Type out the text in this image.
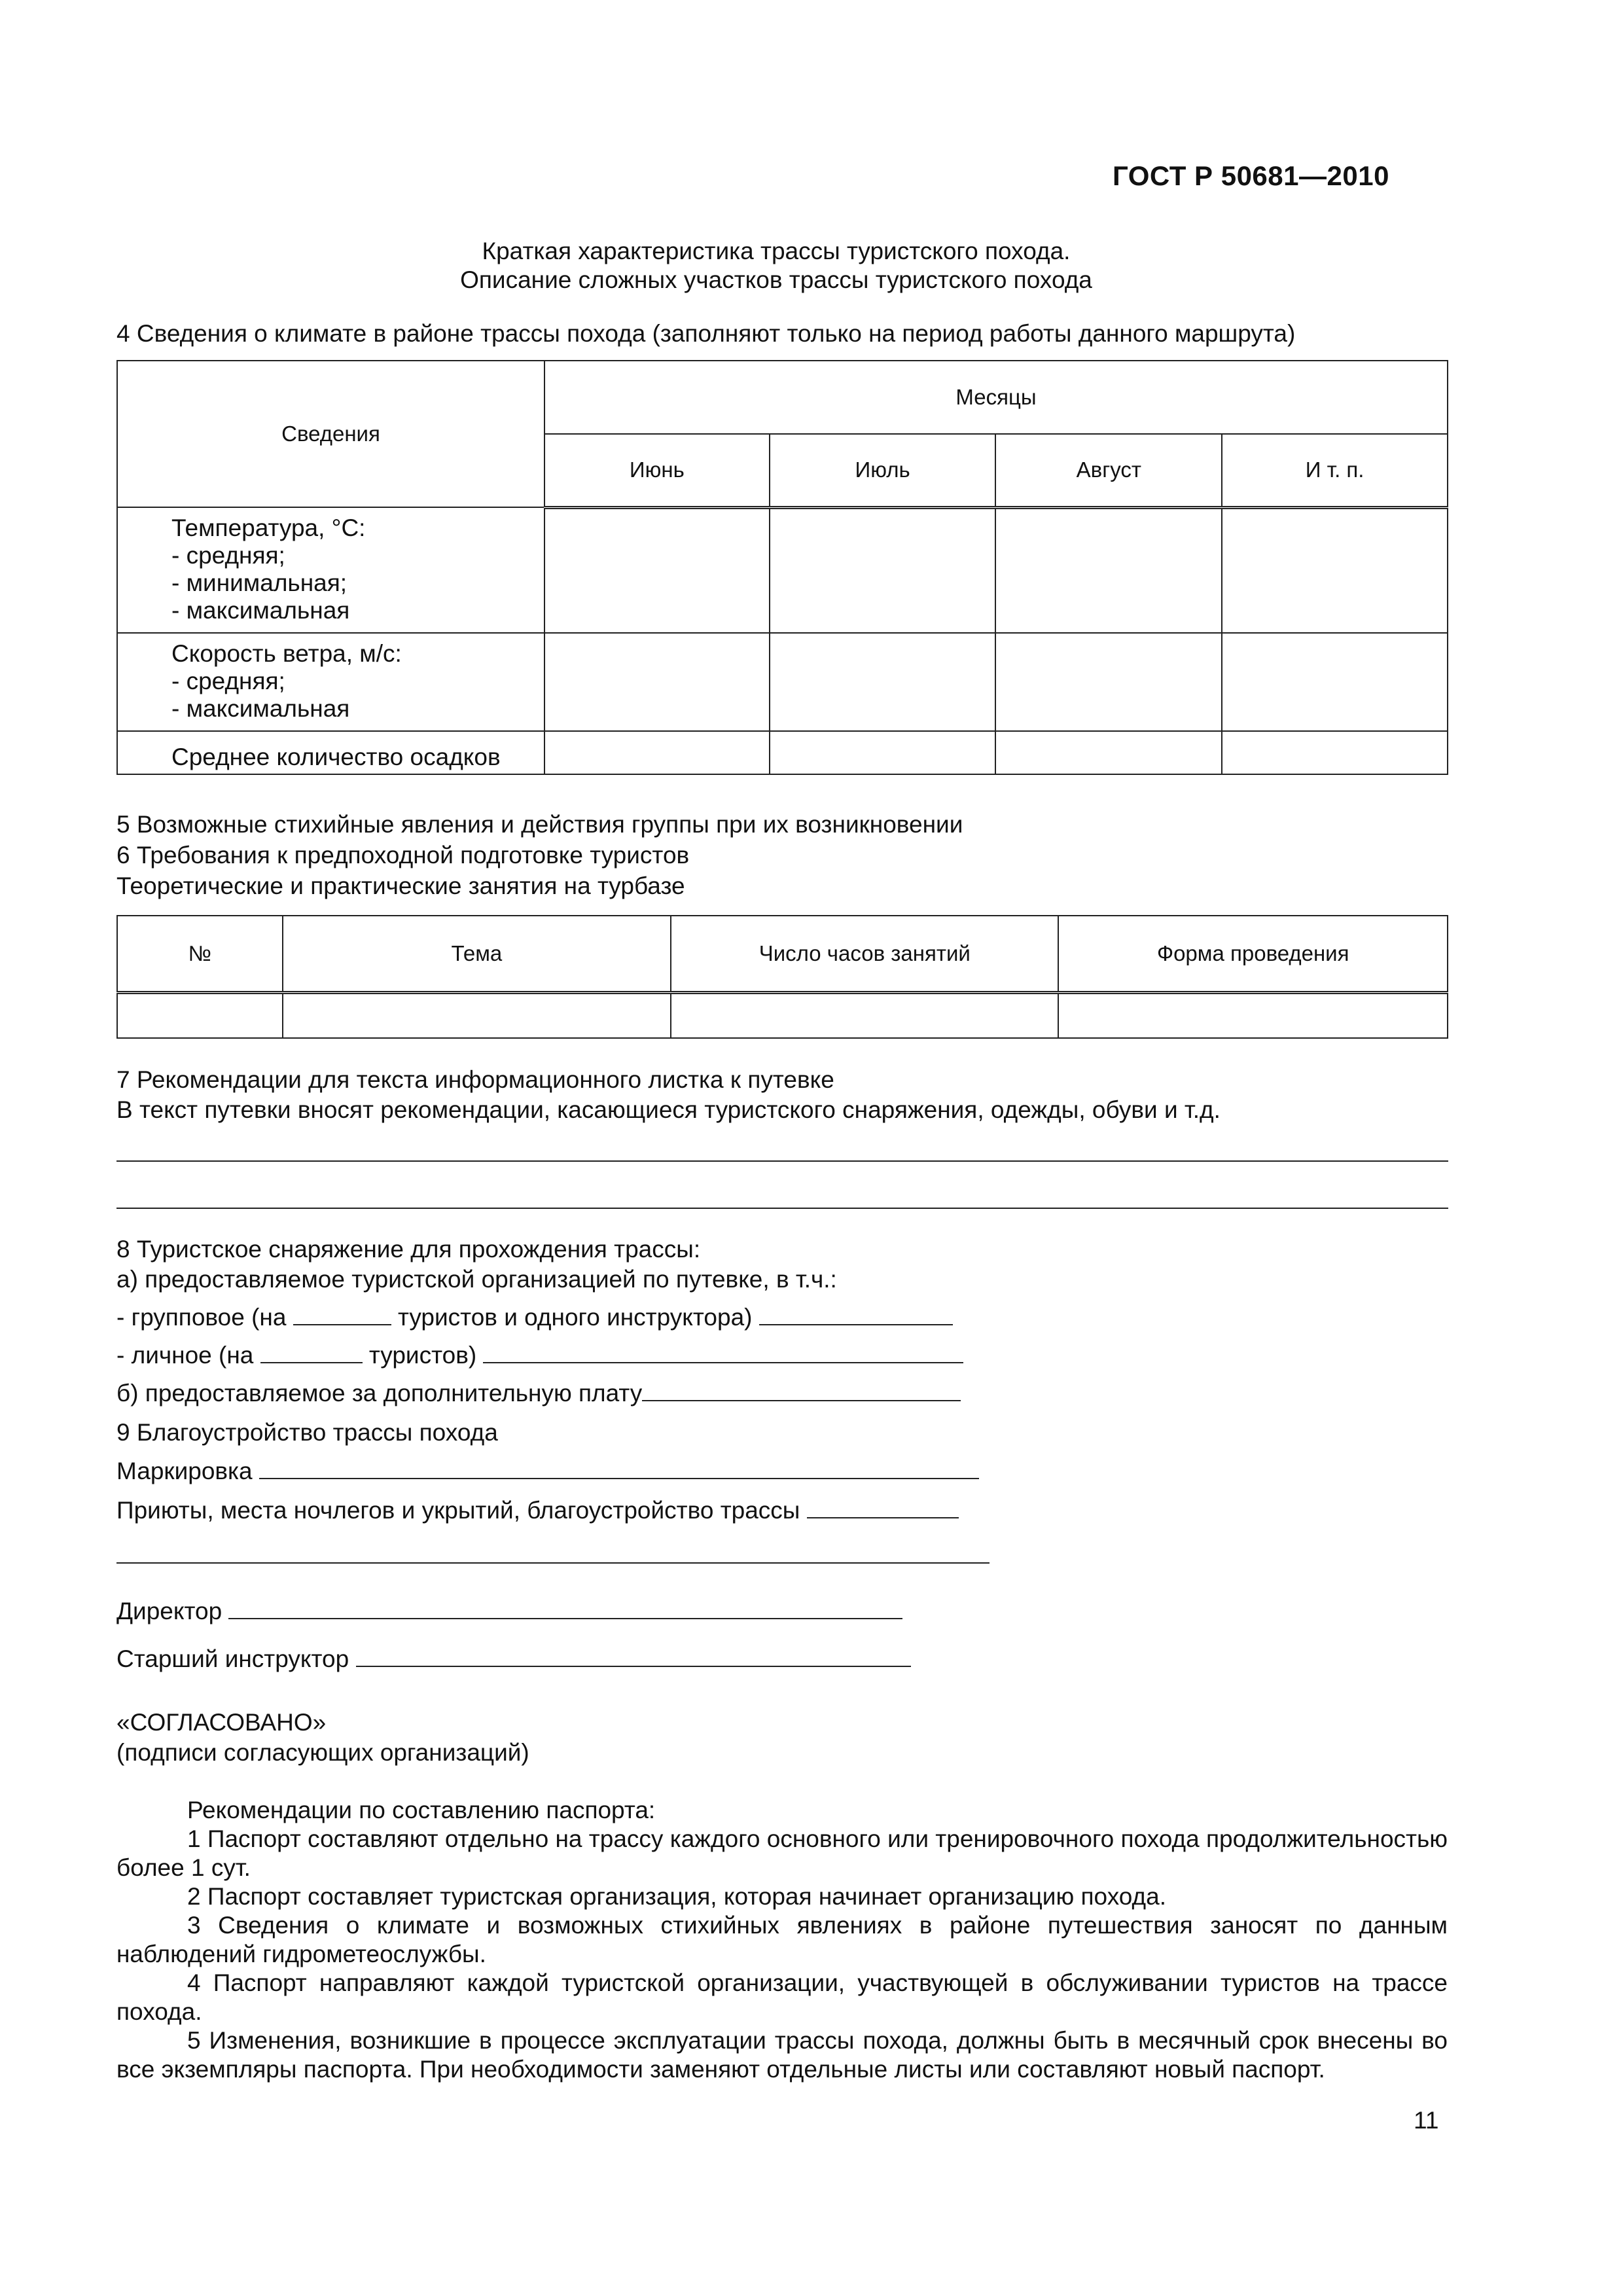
ГОСТ Р 50681—2010
Краткая характеристика трассы туристского похода.
Описание сложных участков трассы туристского похода
4 Сведения о климате в районе трассы похода (заполняют только на период работы данного маршрута)
Сведения	Месяцы			
	Июнь	Июль	Август	И т. п.

Температура, °С:
- средняя;
- минимальная;
- максимальная				

Скорость ветра, м/с:
- средняя;
- максимальная				

Среднее количество осадков				

5 Возможные стихийные явления и действия группы при их возникновении
6 Требования к предпоходной подготовке туристов
Теоретические и практические занятия на турбазе
№	Тема	Число часов занятий	Форма проведения

7 Рекомендации для текста информационного листка к путевке
В текст путевки вносят рекомендации, касающиеся туристского снаряжения, одежды, обуви и т.д.
8 Туристское снаряжение для прохождения трассы:
а) предоставляемое туристской организацией по путевке, в т.ч.:
- групповое (на	туристов и одного инструктора)
- личное (на	туристов)
б) предоставляемое за дополнительную плату
9 Благоустройство трассы похода
Маркировка
Приюты, места ночлегов и укрытий, благоустройство трассы
Директор
Старший инструктор
«СОГЛАСОВАНО»
(подписи согласующих организаций)

Рекомендации по составлению паспорта:

1 Паспорт составляют отдельно на трассу каждого основного или тренировочного похода продолжительностью более 1 сут.

2 Паспорт составляет туристская организация, которая начинает организацию похода.

3 Сведения о климате и возможных стихийных явлениях в районе путешествия заносят по данным наблюдений гидрометеослужбы.

4 Паспорт направляют каждой туристской организации, участвующей в обслуживании туристов на трассе похода.

5 Изменения, возникшие в процессе эксплуатации трассы похода, должны быть в месячный срок внесены во все экземпляры паспорта. При необходимости заменяют отдельные листы или составляют новый паспорт.

11
